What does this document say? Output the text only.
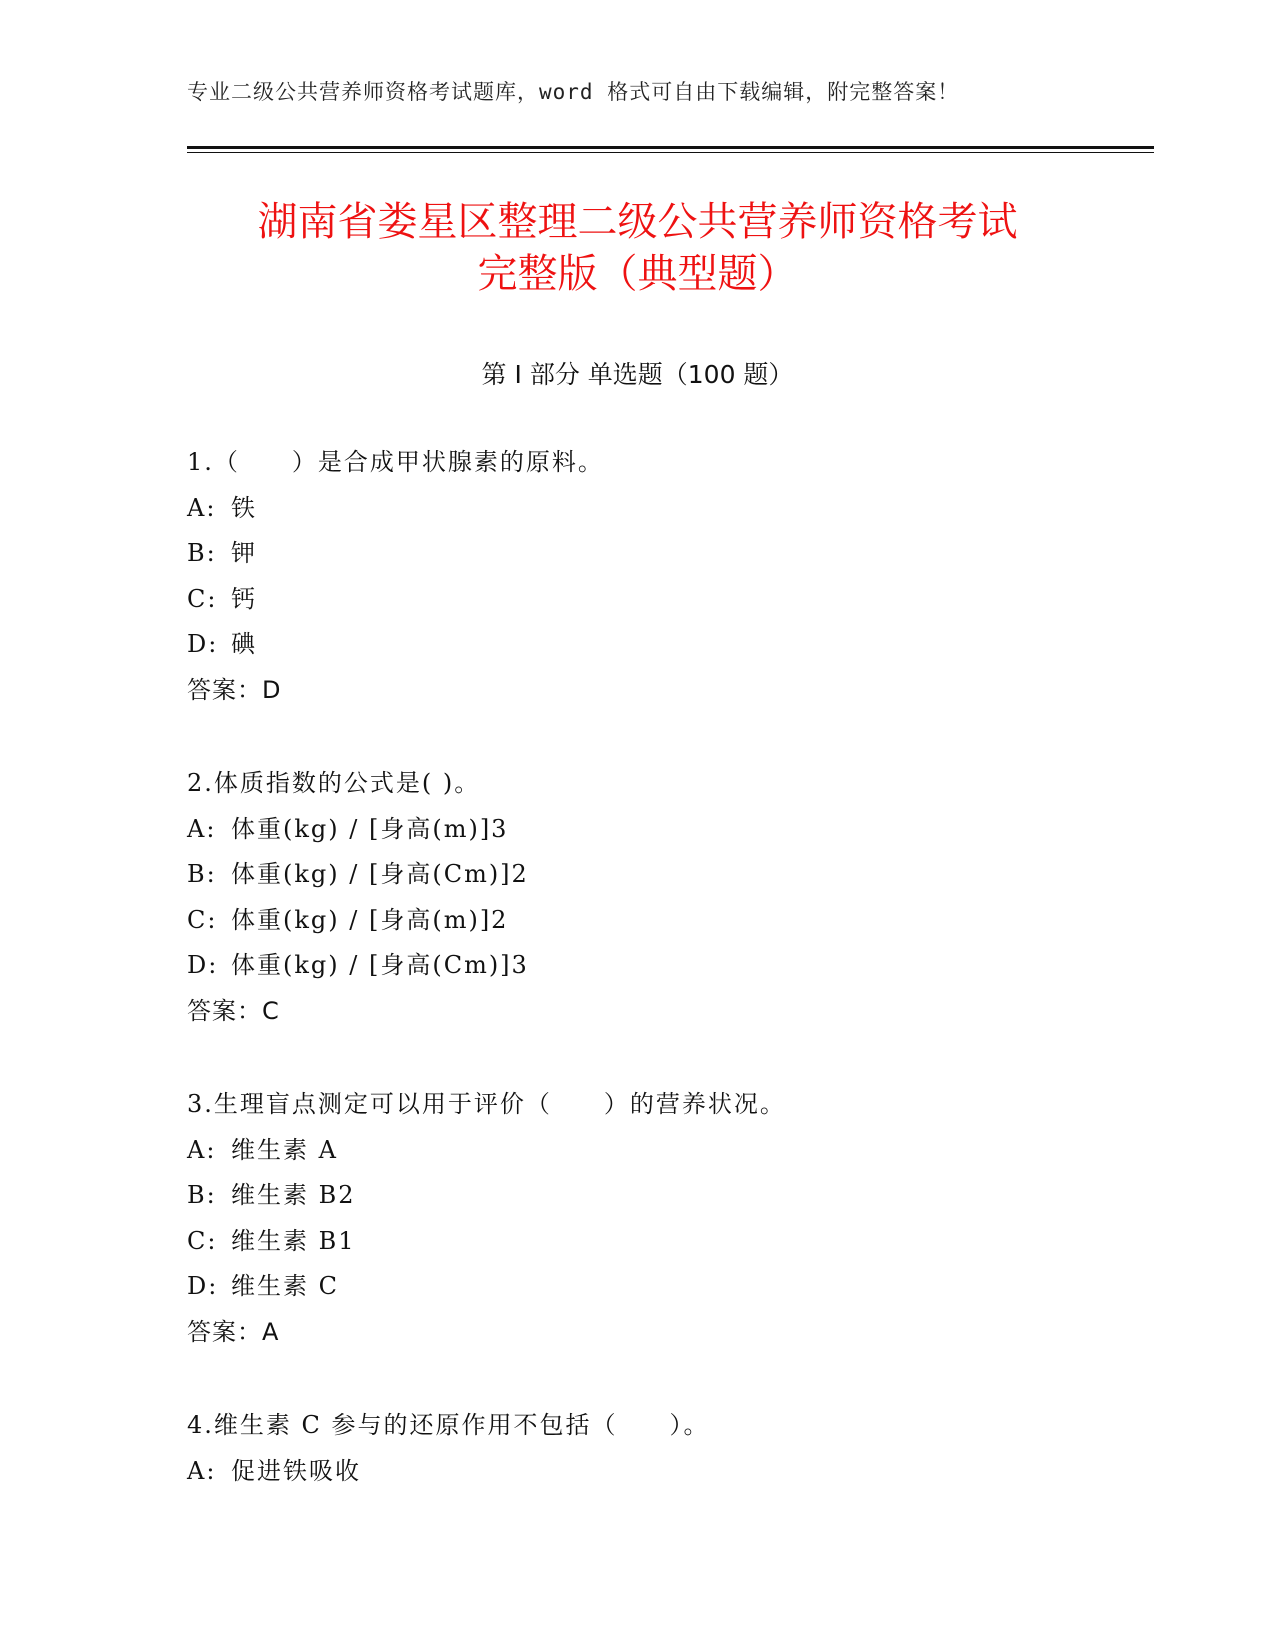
专业二级公共营养师资格考试题库，word 格式可自由下载编辑，附完整答案！
湖南省娄星区整理二级公共营养师资格考试
完整版（典型题）
第 I 部分 单选题（100 题）
1.（　　）是合成甲状腺素的原料。
A: 铁
B: 钾
C: 钙
D: 碘
答案：D
2.体质指数的公式是( )。
A: 体重(kg) / [身高(m)]3
B: 体重(kg) / [身高(Cm)]2
C: 体重(kg) / [身高(m)]2
D: 体重(kg) / [身高(Cm)]3
答案：C
3.生理盲点测定可以用于评价（　　）的营养状况。
A: 维生素 A
B: 维生素 B2
C: 维生素 B1
D: 维生素 C
答案：A
4.维生素 C 参与的还原作用不包括（　　）。
A: 促进铁吸收
